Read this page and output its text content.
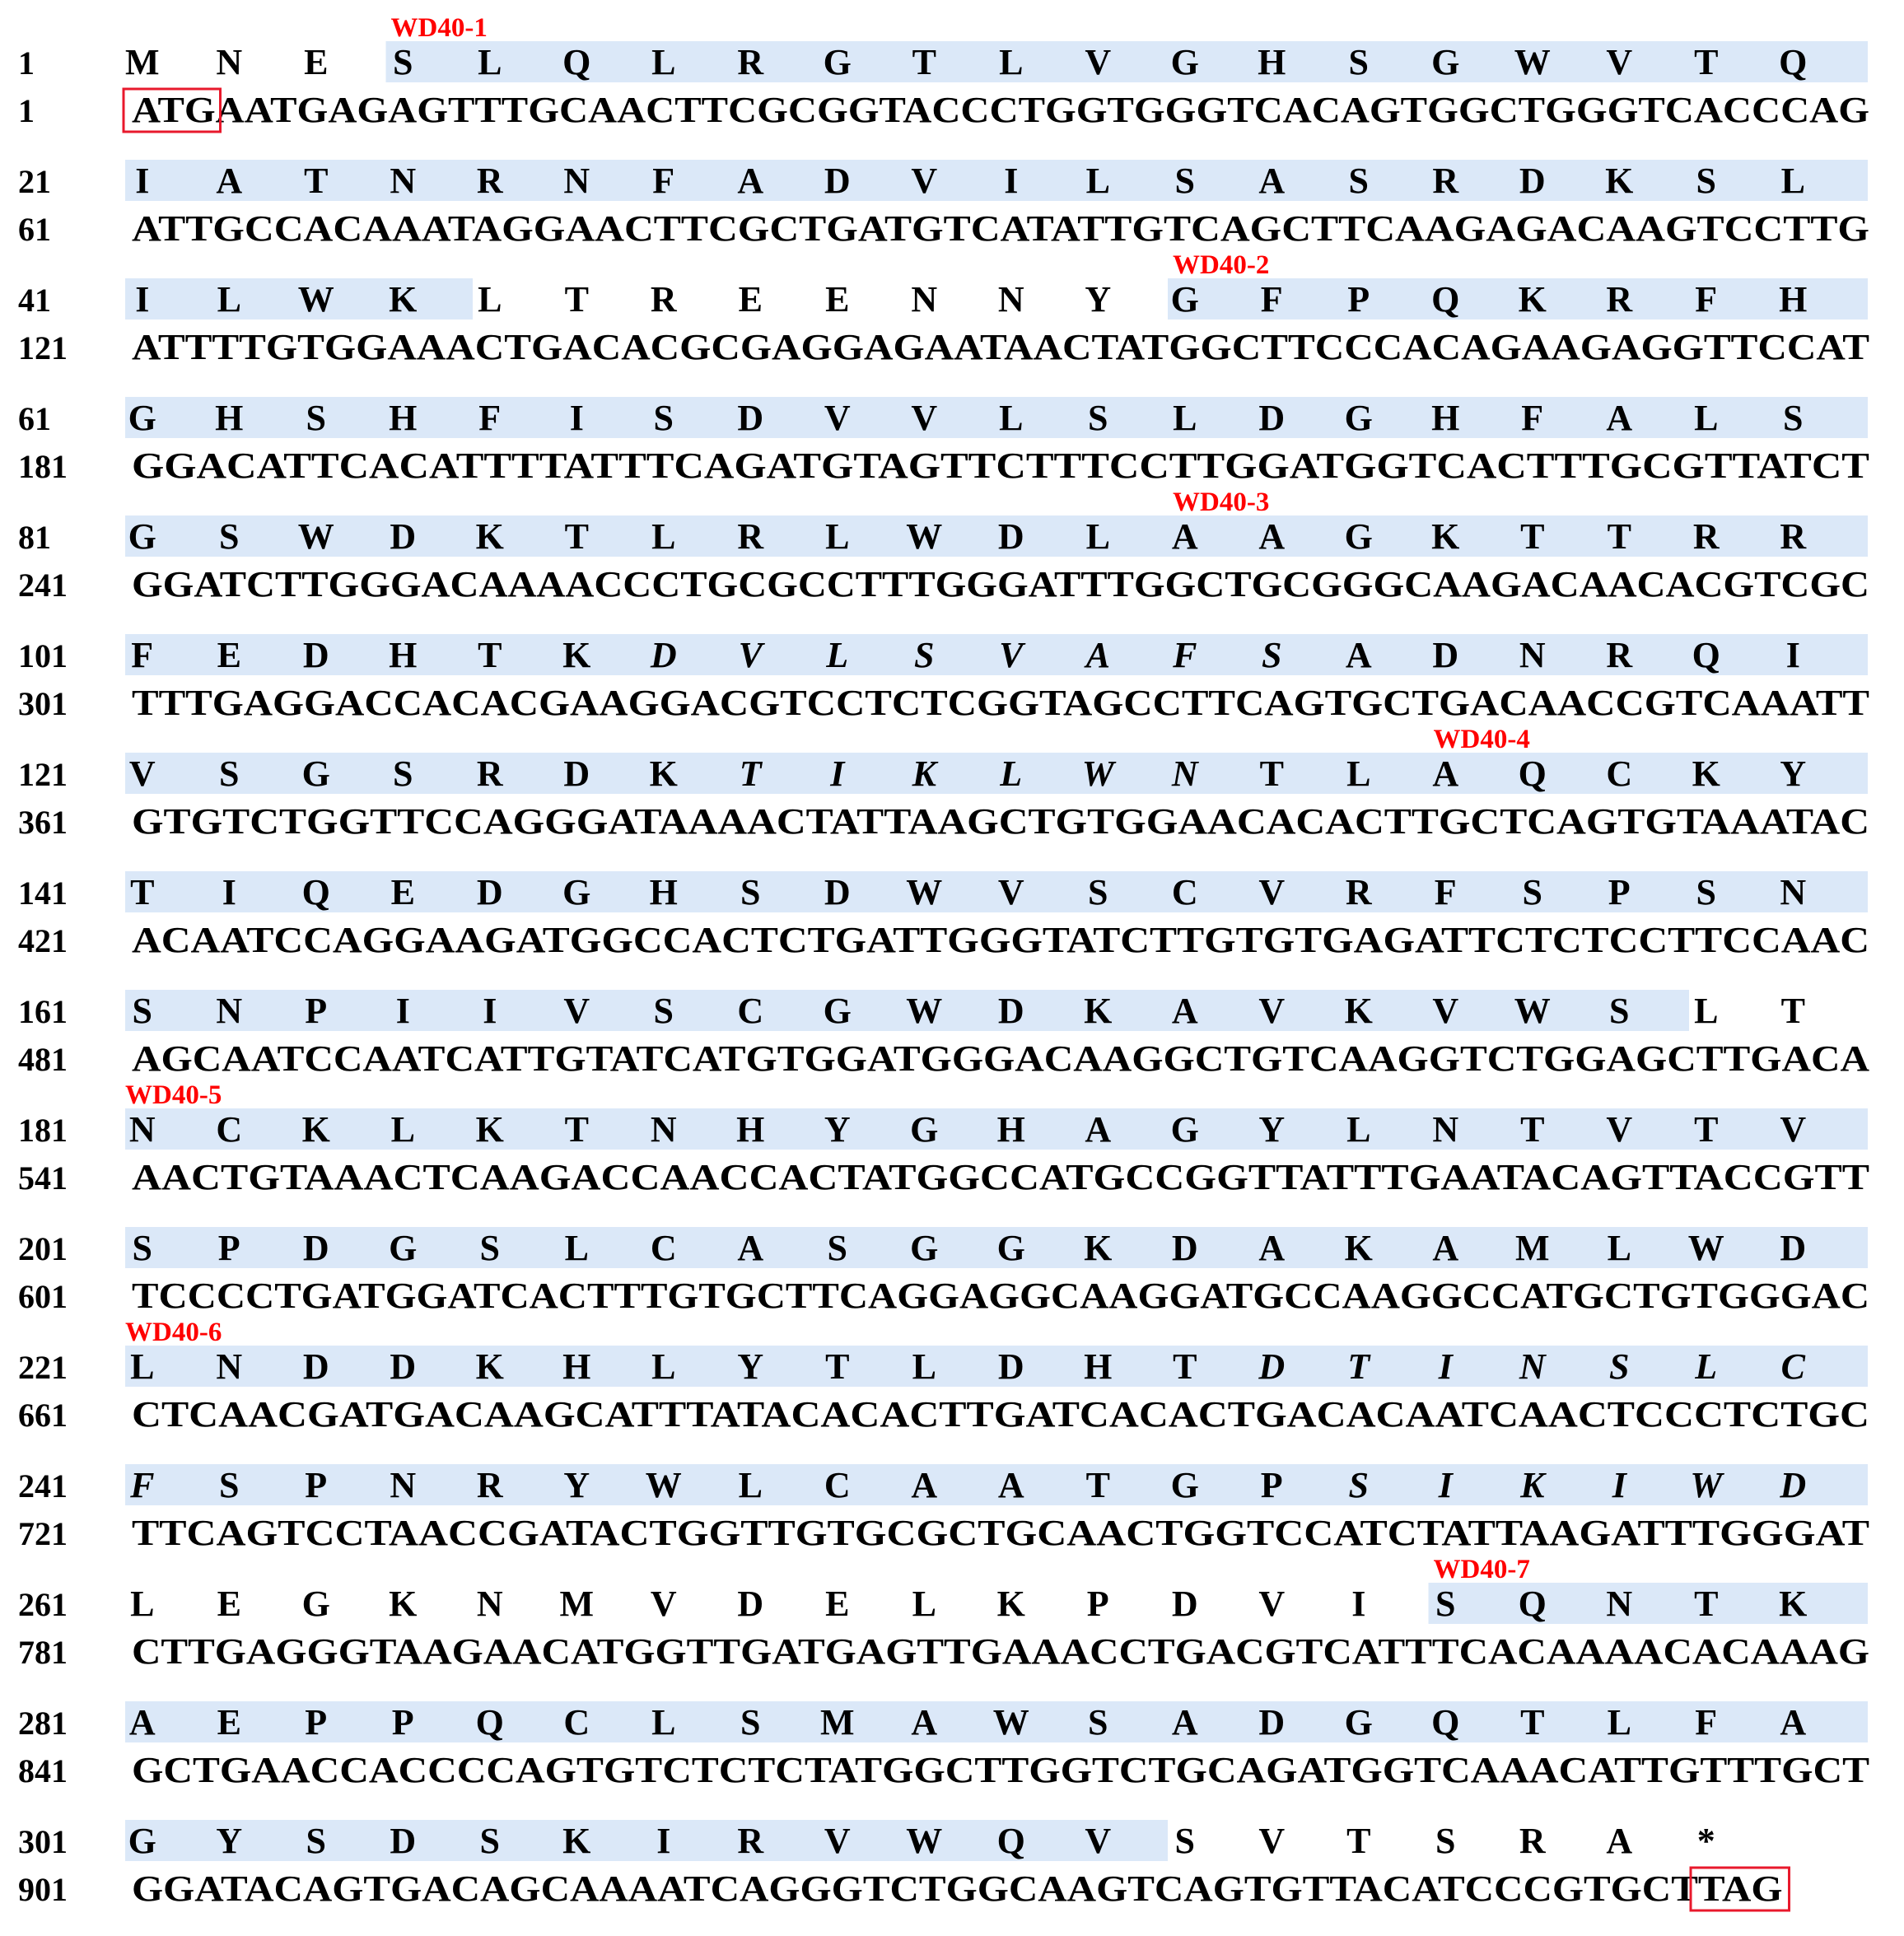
WD40-1
WD40-2
WD40-3
WD40-4
WD40-5
WD40-6
WD40-7
1
1
M N E S L Q L R G T L V G H S G W V T Q
ATGAATGAGAGTTTGCAACTTCGCGGTACCCTGGTGGGTCACAGTGGCTGGGTCACCCAG
21
61
I A T N R N F A D V I L S A S R D K S L
ATTGCCACAAATAGGAACTTCGCTGATGTCATATTGTCAGCTTCAAGAGACAAGTCCTTG
41
121
I L W K L T R E E N N Y G F P Q K R F H
ATTTTGTGGAAACTGACACGCGAGGAGAATAACTATGGCTTCCCACAGAAGAGGTTCCAT
61
181
G H S H F I S D V V L S L D G H F A L S
GGACATTCACATTTTATTTCAGATGTAGTTCTTTCCTTGGATGGTCACTTTGCGTTATCT
81
241
G S W D K T L R L W D L A A G K T T R R
GGATCTTGGGACAAAACCCTGCGCCTTTGGGATTTGGCTGCGGGCAAGACAACACGTCGC
101
301
F E D H T K D V L S V A F S A D N R Q I
TTTGAGGACCACACGAAGGACGTCCTCTCGGTAGCCTTCAGTGCTGACAACCGTCAAATT
121
361
V S G S R D K T I K L W N T L A Q C K Y
GTGTCTGGTTCCAGGGATAAAACTATTAAGCTGTGGAACACACTTGCTCAGTGTAAATAC
141
421
T I Q E D G H S D W V S C V R F S P S N
ACAATCCAGGAAGATGGCCACTCTGATTGGGTATCTTGTGTGAGATTCTCTCCTTCCAAC
161
481
S N P I I V S C G W D K A V K V W S L T
AGCAATCCAATCATTGTATCATGTGGATGGGACAAGGCTGTCAAGGTCTGGAGCTTGACA
181
541
N C K L K T N H Y G H A G Y L N T V T V
AACTGTAAACTCAAGACCAACCACTATGGCCATGCCGGTTATTTGAATACAGTTACCGTT
201
601
S P D G S L C A S G G K D A K A M L W D
TCCCCTGATGGATCACTTTGTGCTTCAGGAGGCAAGGATGCCAAGGCCATGCTGTGGGAC
221
661
L N D D K H L Y T L D H T D T I N S L C
CTCAACGATGACAAGCATTTATACACACTTGATCACACTGACACAATCAACTCCCTCTGC
241
721
F S P N R Y W L C A A T G P S I K I W D
TTCAGTCCTAACCGATACTGGTTGTGCGCTGCAACTGGTCCATCTATTAAGATTTGGGAT
261
781
L E G K N M V D E L K P D V I S Q N T K
CTTGAGGGTAAGAACATGGTTGATGAGTTGAAACCTGACGTCATTTCACAAAACACAAAG
281
841
A E P P Q C L S M A W S A D G Q T L F A
GCTGAACCACCCCAGTGTCTCTCTATGGCTTGGTCTGCAGATGGTCAAACATTGTTTGCT
301
901
G Y S D S K I R V W Q V S V T S R A *
GGATACAGTGACAGCAAAATCAGGGTCTGGCAAGTCAGTGTTACATCCCGTGCTTAG
